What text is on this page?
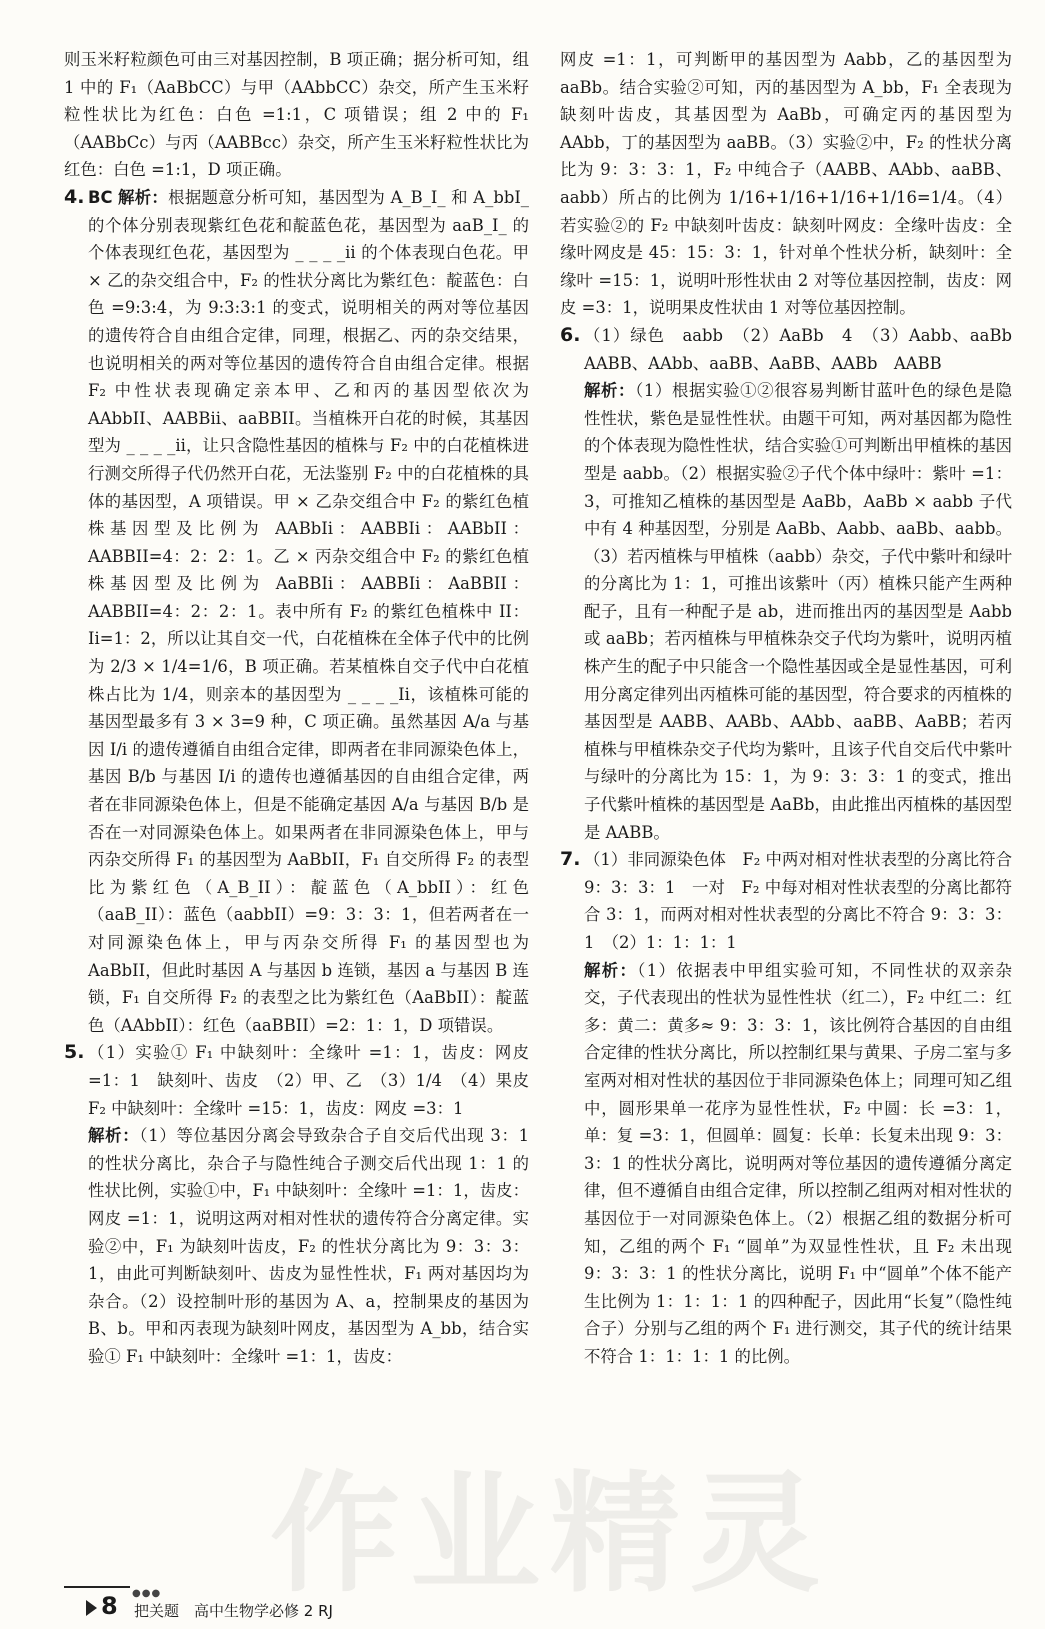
则玉米籽粒颜色可由三对基因控制，B 项正确；据分析可知，组 1 中的 F₁（AaBbCC）与甲（AAbbCC）杂交，所产生玉米籽粒性状比为红色：白色 =1:1，C 项错误；组 2 中的 F₁（AABbCc）与丙（AABBcc）杂交，所产生玉米籽粒性状比为红色：白色 =1:1，D 项正确。

4. BC 解析：根据题意分析可知，基因型为 A_B_I_ 和 A_bbI_ 的个体分别表现紫红色花和靛蓝色花，基因型为 aaB_I_ 的个体表现红色花，基因型为 _ _ _ _ii 的个体表现白色花。甲 × 乙的杂交组合中，F₂ 的性状分离比为紫红色：靛蓝色：白色 =9:3:4，为 9:3:3:1 的变式，说明相关的两对等位基因的遗传符合自由组合定律，同理，根据乙、丙的杂交结果，也说明相关的两对等位基因的遗传符合自由组合定律。根据 F₂ 中性状表现确定亲本甲、乙和丙的基因型依次为 AAbbII、AABBii、aaBBII。当植株开白花的时候，其基因型为 _ _ _ _ii，让只含隐性基因的植株与 F₂ 中的白花植株进行测交所得子代仍然开白花，无法鉴别 F₂ 中的白花植株的具体的基因型，A 项错误。甲 × 乙杂交组合中 F₂ 的紫红色植株基因型及比例为 AABbIi：AABBIi：AABbII：AABBII=4：2：2：1。乙 × 丙杂交组合中 F₂ 的紫红色植株基因型及比例为 AaBBIi：AABBIi：AaBBII：AABBII=4：2：2：1。表中所有 F₂ 的紫红色植株中 II：Ii=1：2，所以让其自交一代，白花植株在全体子代中的比例为 2/3 × 1/4=1/6，B 项正确。若某植株自交子代中白花植株占比为 1/4，则亲本的基因型为 _ _ _ _Ii，该植株可能的基因型最多有 3 × 3=9 种，C 项正确。虽然基因 A/a 与基因 I/i 的遗传遵循自由组合定律，即两者在非同源染色体上，基因 B/b 与基因 I/i 的遗传也遵循基因的自由组合定律，两者在非同源染色体上，但是不能确定基因 A/a 与基因 B/b 是否在一对同源染色体上。如果两者在非同源染色体上，甲与丙杂交所得 F₁ 的基因型为 AaBbII，F₁ 自交所得 F₂ 的表型比为紫红色（A_B_II）：靛蓝色（A_bbII）：红色（aaB_II）：蓝色（aabbII）=9：3：3：1，但若两者在一对同源染色体上，甲与丙杂交所得 F₁ 的基因型也为 AaBbII，但此时基因 A 与基因 b 连锁，基因 a 与基因 B 连锁，F₁ 自交所得 F₂ 的表型之比为紫红色（AaBbII）：靛蓝色（AAbbII）：红色（aaBBII）=2：1：1，D 项错误。
5. （1）实验① F₁ 中缺刻叶：全缘叶 =1：1，齿皮：网皮 =1：1　缺刻叶、齿皮　（2）甲、乙　（3）1/4　（4）果皮　F₂ 中缺刻叶：全缘叶 =15：1，齿皮：网皮 =3：1
解析：（1）等位基因分离会导致杂合子自交后代出现 3：1 的性状分离比，杂合子与隐性纯合子测交后代出现 1：1 的性状比例，实验①中，F₁ 中缺刻叶：全缘叶 =1：1，齿皮：网皮 =1：1，说明这两对相对性状的遗传符合分离定律。实验②中，F₁ 为缺刻叶齿皮，F₂ 的性状分离比为 9：3：3：1，由此可判断缺刻叶、齿皮为显性性状，F₁ 两对基因均为杂合。（2）设控制叶形的基因为 A、a，控制果皮的基因为 B、b。甲和丙表现为缺刻叶网皮，基因型为 A_bb，结合实验① F₁ 中缺刻叶：全缘叶 =1：1，齿皮：

网皮 =1：1，可判断甲的基因型为 Aabb，乙的基因型为 aaBb。结合实验②可知，丙的基因型为 A_bb，F₁ 全表现为缺刻叶齿皮，其基因型为 AaBb，可确定丙的基因型为 AAbb，丁的基因型为 aaBB。（3）实验②中，F₂ 的性状分离比为 9：3：3：1，F₂ 中纯合子（AABB、AAbb、aaBB、aabb）所占的比例为 1/16+1/16+1/16+1/16=1/4。（4）若实验②的 F₂ 中缺刻叶齿皮：缺刻叶网皮：全缘叶齿皮：全缘叶网皮是 45：15：3：1，针对单个性状分析，缺刻叶：全缘叶 =15：1，说明叶形性状由 2 对等位基因控制，齿皮：网皮 =3：1，说明果皮性状由 1 对等位基因控制。

6. （1）绿色　aabb　（2）AaBb　4　（3）Aabb、aaBb　AABB、AAbb、aaBB、AaBB、AABb　AABB
解析：（1）根据实验①②很容易判断甘蓝叶色的绿色是隐性性状，紫色是显性性状。由题干可知，两对基因都为隐性的个体表现为隐性性状，结合实验①可判断出甲植株的基因型是 aabb。（2）根据实验②子代个体中绿叶：紫叶 =1：3，可推知乙植株的基因型是 AaBb，AaBb × aabb 子代中有 4 种基因型，分别是 AaBb、Aabb、aaBb、aabb。（3）若丙植株与甲植株（aabb）杂交，子代中紫叶和绿叶的分离比为 1：1，可推出该紫叶（丙）植株只能产生两种配子，且有一种配子是 ab，进而推出丙的基因型是 Aabb 或 aaBb；若丙植株与甲植株杂交子代均为紫叶，说明丙植株产生的配子中只能含一个隐性基因或全是显性基因，可利用分离定律列出丙植株可能的基因型，符合要求的丙植株的基因型是 AABB、AABb、AAbb、aaBB、AaBB；若丙植株与甲植株杂交子代均为紫叶，且该子代自交后代中紫叶与绿叶的分离比为 15：1，为 9：3：3：1 的变式，推出子代紫叶植株的基因型是 AaBb，由此推出丙植株的基因型是 AABB。
7. （1）非同源染色体　F₂ 中两对相对性状表型的分离比符合 9：3：3：1　一对　F₂ 中每对相对性状表型的分离比都符合 3：1，而两对相对性状表型的分离比不符合 9：3：3：1　（2）1：1：1：1
解析：（1）依据表中甲组实验可知，不同性状的双亲杂交，子代表现出的性状为显性性状（红二），F₂ 中红二：红多：黄二：黄多≈ 9：3：3：1，该比例符合基因的自由组合定律的性状分离比，所以控制红果与黄果、子房二室与多室两对相对性状的基因位于非同源染色体上；同理可知乙组中，圆形果单一花序为显性性状，F₂ 中圆：长 =3：1，单：复 =3：1，但圆单：圆复：长单：长复未出现 9：3：3：1 的性状分离比，说明两对等位基因的遗传遵循分离定律，但不遵循自由组合定律，所以控制乙组两对相对性状的基因位于一对同源染色体上。（2）根据乙组的数据分析可知，乙组的两个 F₁ “圆单”为双显性性状，且 F₂ 未出现 9：3：3：1 的性状分离比，说明 F₁ 中“圆单”个体不能产生比例为 1：1：1：1 的四种配子，因此用“长复”（隐性纯合子）分别与乙组的两个 F₁ 进行测交，其子代的统计结果不符合 1：1：1：1 的比例。
作业精灵
8 ●●●
把关题　高中生物学必修 2 RJ
